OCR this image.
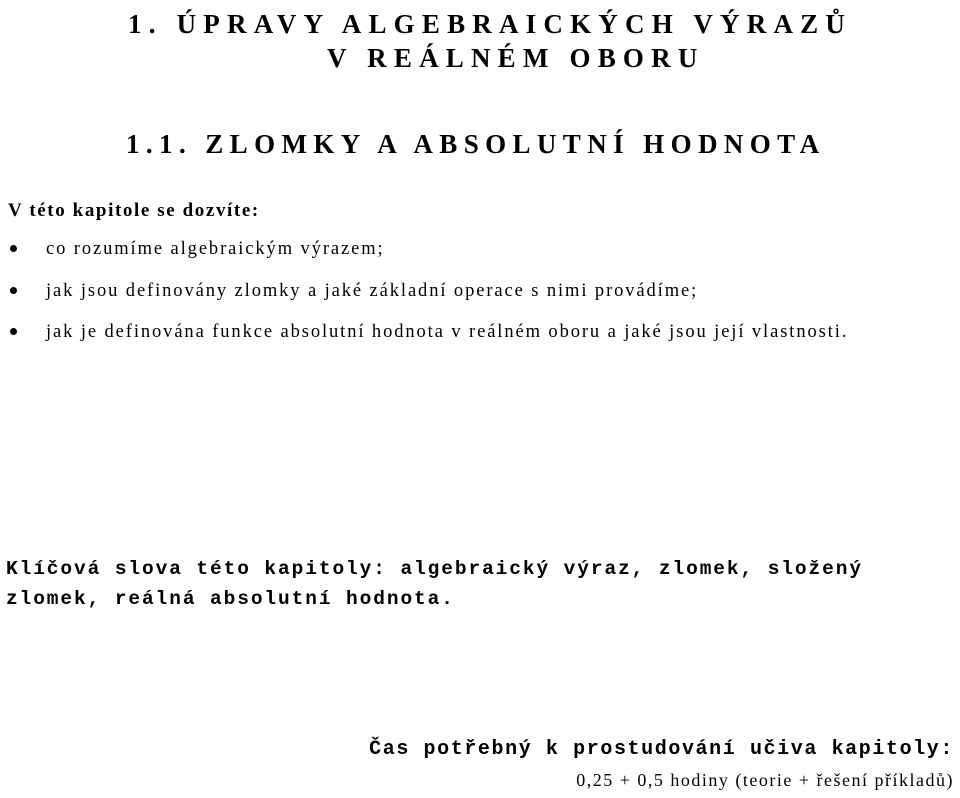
1. ÚPRAVY ALGEBRAICKÝCH VÝRAZŮ
V REÁLNÉM OBORU
1.1. ZLOMKY A ABSOLUTNÍ HODNOTA
V této kapitole se dozvíte:
co rozumíme algebraickým výrazem;
jak jsou definovány zlomky a jaké základní operace s nimi provádíme;
jak je definována funkce absolutní hodnota v reálném oboru a jaké jsou její vlastnosti.
Klíčová slova této kapitoly: algebraický výraz, zlomek, složený zlomek, reálná absolutní hodnota.
Čas potřebný k prostudování učiva kapitoly:
0,25 + 0,5 hodiny (teorie + řešení příkladů)
